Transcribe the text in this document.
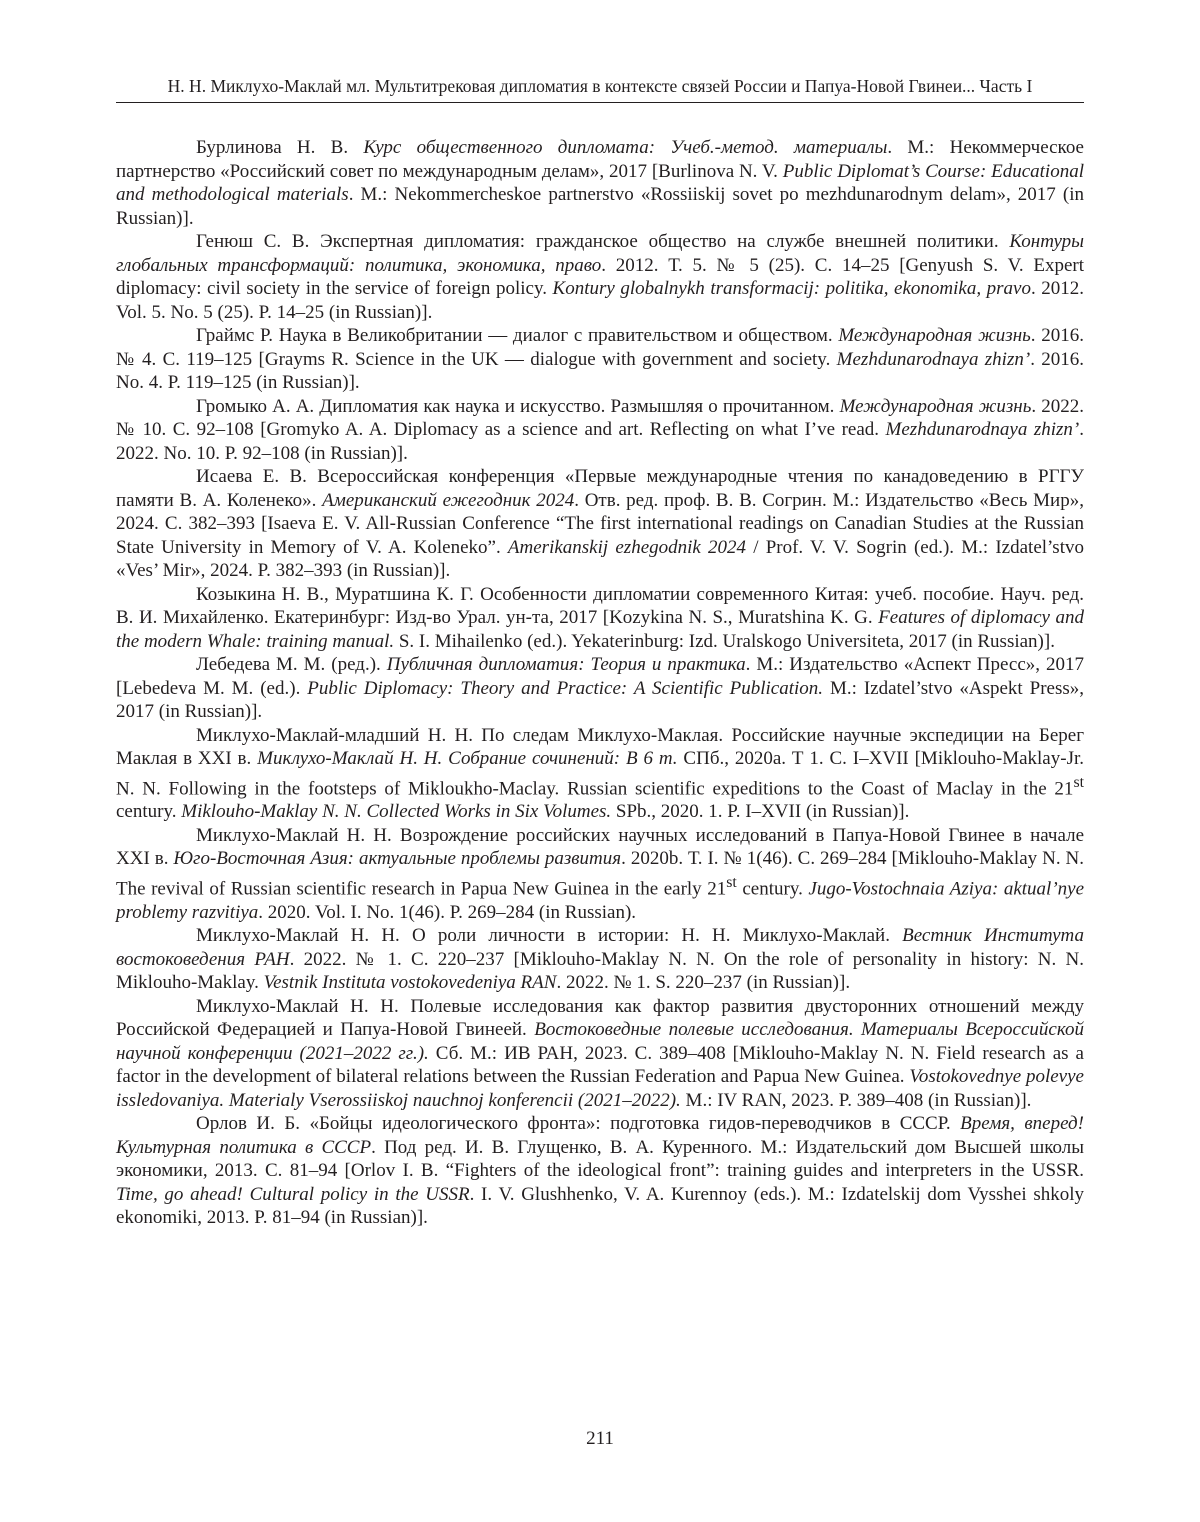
Н. Н. Миклухо-Маклай мл. Мультитрековая дипломатия в контексте связей России и Папуа-Новой Гвинеи... Часть I

Бурлинова Н. В. Курс общественного дипломата: Учеб.-метод. материалы. М.: Некоммерческое партнерство «Российский совет по международным делам», 2017 [Burlinova N. V. Public Diplomat’s Course: Educational and methodological materials. M.: Nekommercheskoe partnerstvo «Rossiiskij sovet po mezhdunarodnym delam», 2017 (in Russian)].

Генюш С. В. Экспертная дипломатия: гражданское общество на службе внешней политики. Контуры глобальных трансформаций: политика, экономика, право. 2012. Т. 5. № 5 (25). С. 14–25 [Genyush S. V. Expert diplomacy: civil society in the service of foreign policy. Kontury globalnykh transformacij: politika, ekonomika, pravo. 2012. Vol. 5. No. 5 (25). P. 14–25 (in Russian)].

Граймс Р. Наука в Великобритании — диалог с правительством и обществом. Международная жизнь. 2016. № 4. С. 119–125 [Grayms R. Science in the UK — dialogue with government and society. Mezhdunarodnaya zhizn’. 2016. No. 4. P. 119–125 (in Russian)].

Громыко А. А. Дипломатия как наука и искусство. Размышляя о прочитанном. Международная жизнь. 2022. № 10. С. 92–108 [Gromyko A. A. Diplomacy as a science and art. Reflecting on what I’ve read. Mezhdunarodnaya zhizn’. 2022. No. 10. P. 92–108 (in Russian)].

Исаева Е. В. Всероссийская конференция «Первые международные чтения по канадоведению в РГГУ памяти В. А. Коленеко». Американский ежегодник 2024. Отв. ред. проф. В. В. Согрин. М.: Издательство «Весь Мир», 2024. С. 382–393 [Isaeva E. V. All-Russian Conference “The first international readings on Canadian Studies at the Russian State University in Memory of V. A. Koleneko”. Amerikanskij ezhegodnik 2024 / Prof. V. V. Sogrin (ed.). M.: Izdatel’stvo «Ves’ Mir», 2024. P. 382–393 (in Russian)].

Козыкина Н. В., Муратшина К. Г. Особенности дипломатии современного Китая: учеб. пособие. Науч. ред. В. И. Михайленко. Екатеринбург: Изд-во Урал. ун-та, 2017 [Kozykina N. S., Muratshina K. G. Features of diplomacy and the modern Whale: training manual. S. I. Mihailenko (ed.). Yekaterinburg: Izd. Uralskogo Universiteta, 2017 (in Russian)].

Лебедева М. М. (ред.). Публичная дипломатия: Теория и практика. М.: Издательство «Аспект Пресс», 2017 [Lebedeva M. M. (ed.). Public Diplomacy: Theory and Practice: A Scientific Publication. M.: Izdatel’stvo «Aspekt Press», 2017 (in Russian)].

Миклухо-Маклай-младший Н. Н. По следам Миклухо-Маклая. Российские научные экспедиции на Берег Маклая в XXI в. Миклухо-Маклай Н. Н. Собрание сочинений: В 6 т. СПб., 2020а. Т 1. С. I–XVII [Miklouho-Maklay-Jr. N. N. Following in the footsteps of Mikloukho-Maclay. Russian scientific expeditions to the Coast of Maclay in the 21st century. Miklouho-Maklay N. N. Collected Works in Six Volumes. SPb., 2020. 1. P. I–XVII (in Russian)].

Миклухо-Маклай Н. Н. Возрождение российских научных исследований в Папуа-Новой Гвинее в начале XXI в. Юго-Восточная Азия: актуальные проблемы развития. 2020b. Т. I. № 1(46). С. 269–284 [Miklouho-Maklay N. N. The revival of Russian scientific research in Papua New Guinea in the early 21st century. Jugo-Vostochnaia Aziya: aktual’nye problemy razvitiya. 2020. Vol. I. No. 1(46). P. 269–284 (in Russian).

Миклухо-Маклай Н. Н. О роли личности в истории: Н. Н. Миклухо-Маклай. Вестник Института востоковедения РАН. 2022. № 1. С. 220–237 [Miklouho-Maklay N. N. On the role of personality in history: N. N. Miklouho-Maklay. Vestnik Instituta vostokovedeniya RAN. 2022. № 1. S. 220–237 (in Russian)].

Миклухо-Маклай Н. Н. Полевые исследования как фактор развития двусторонних отношений между Российской Федерацией и Папуа-Новой Гвинеей. Востоковедные полевые исследования. Материалы Всероссийской научной конференции (2021–2022 гг.). Сб. М.: ИВ РАН, 2023. С. 389–408 [Miklouho-Maklay N. N. Field research as a factor in the development of bilateral relations between the Russian Federation and Papua New Guinea. Vostokovednye polevye issledovaniya. Materialy Vserossiiskoj nauchnoj konferencii (2021–2022). M.: IV RAN, 2023. P. 389–408 (in Russian)].

Орлов И. Б. «Бойцы идеологического фронта»: подготовка гидов-переводчиков в СССР. Время, вперед! Культурная политика в СССР. Под ред. И. В. Глущенко, В. А. Куренного. М.: Издательский дом Высшей школы экономики, 2013. С. 81–94 [Orlov I. B. “Fighters of the ideological front”: training guides and interpreters in the USSR. Time, go ahead! Cultural policy in the USSR. I. V. Glushhenko, V. A. Kurennoy (eds.). M.: Izdatelskij dom Vysshei shkoly ekonomiki, 2013. P. 81–94 (in Russian)].

211
